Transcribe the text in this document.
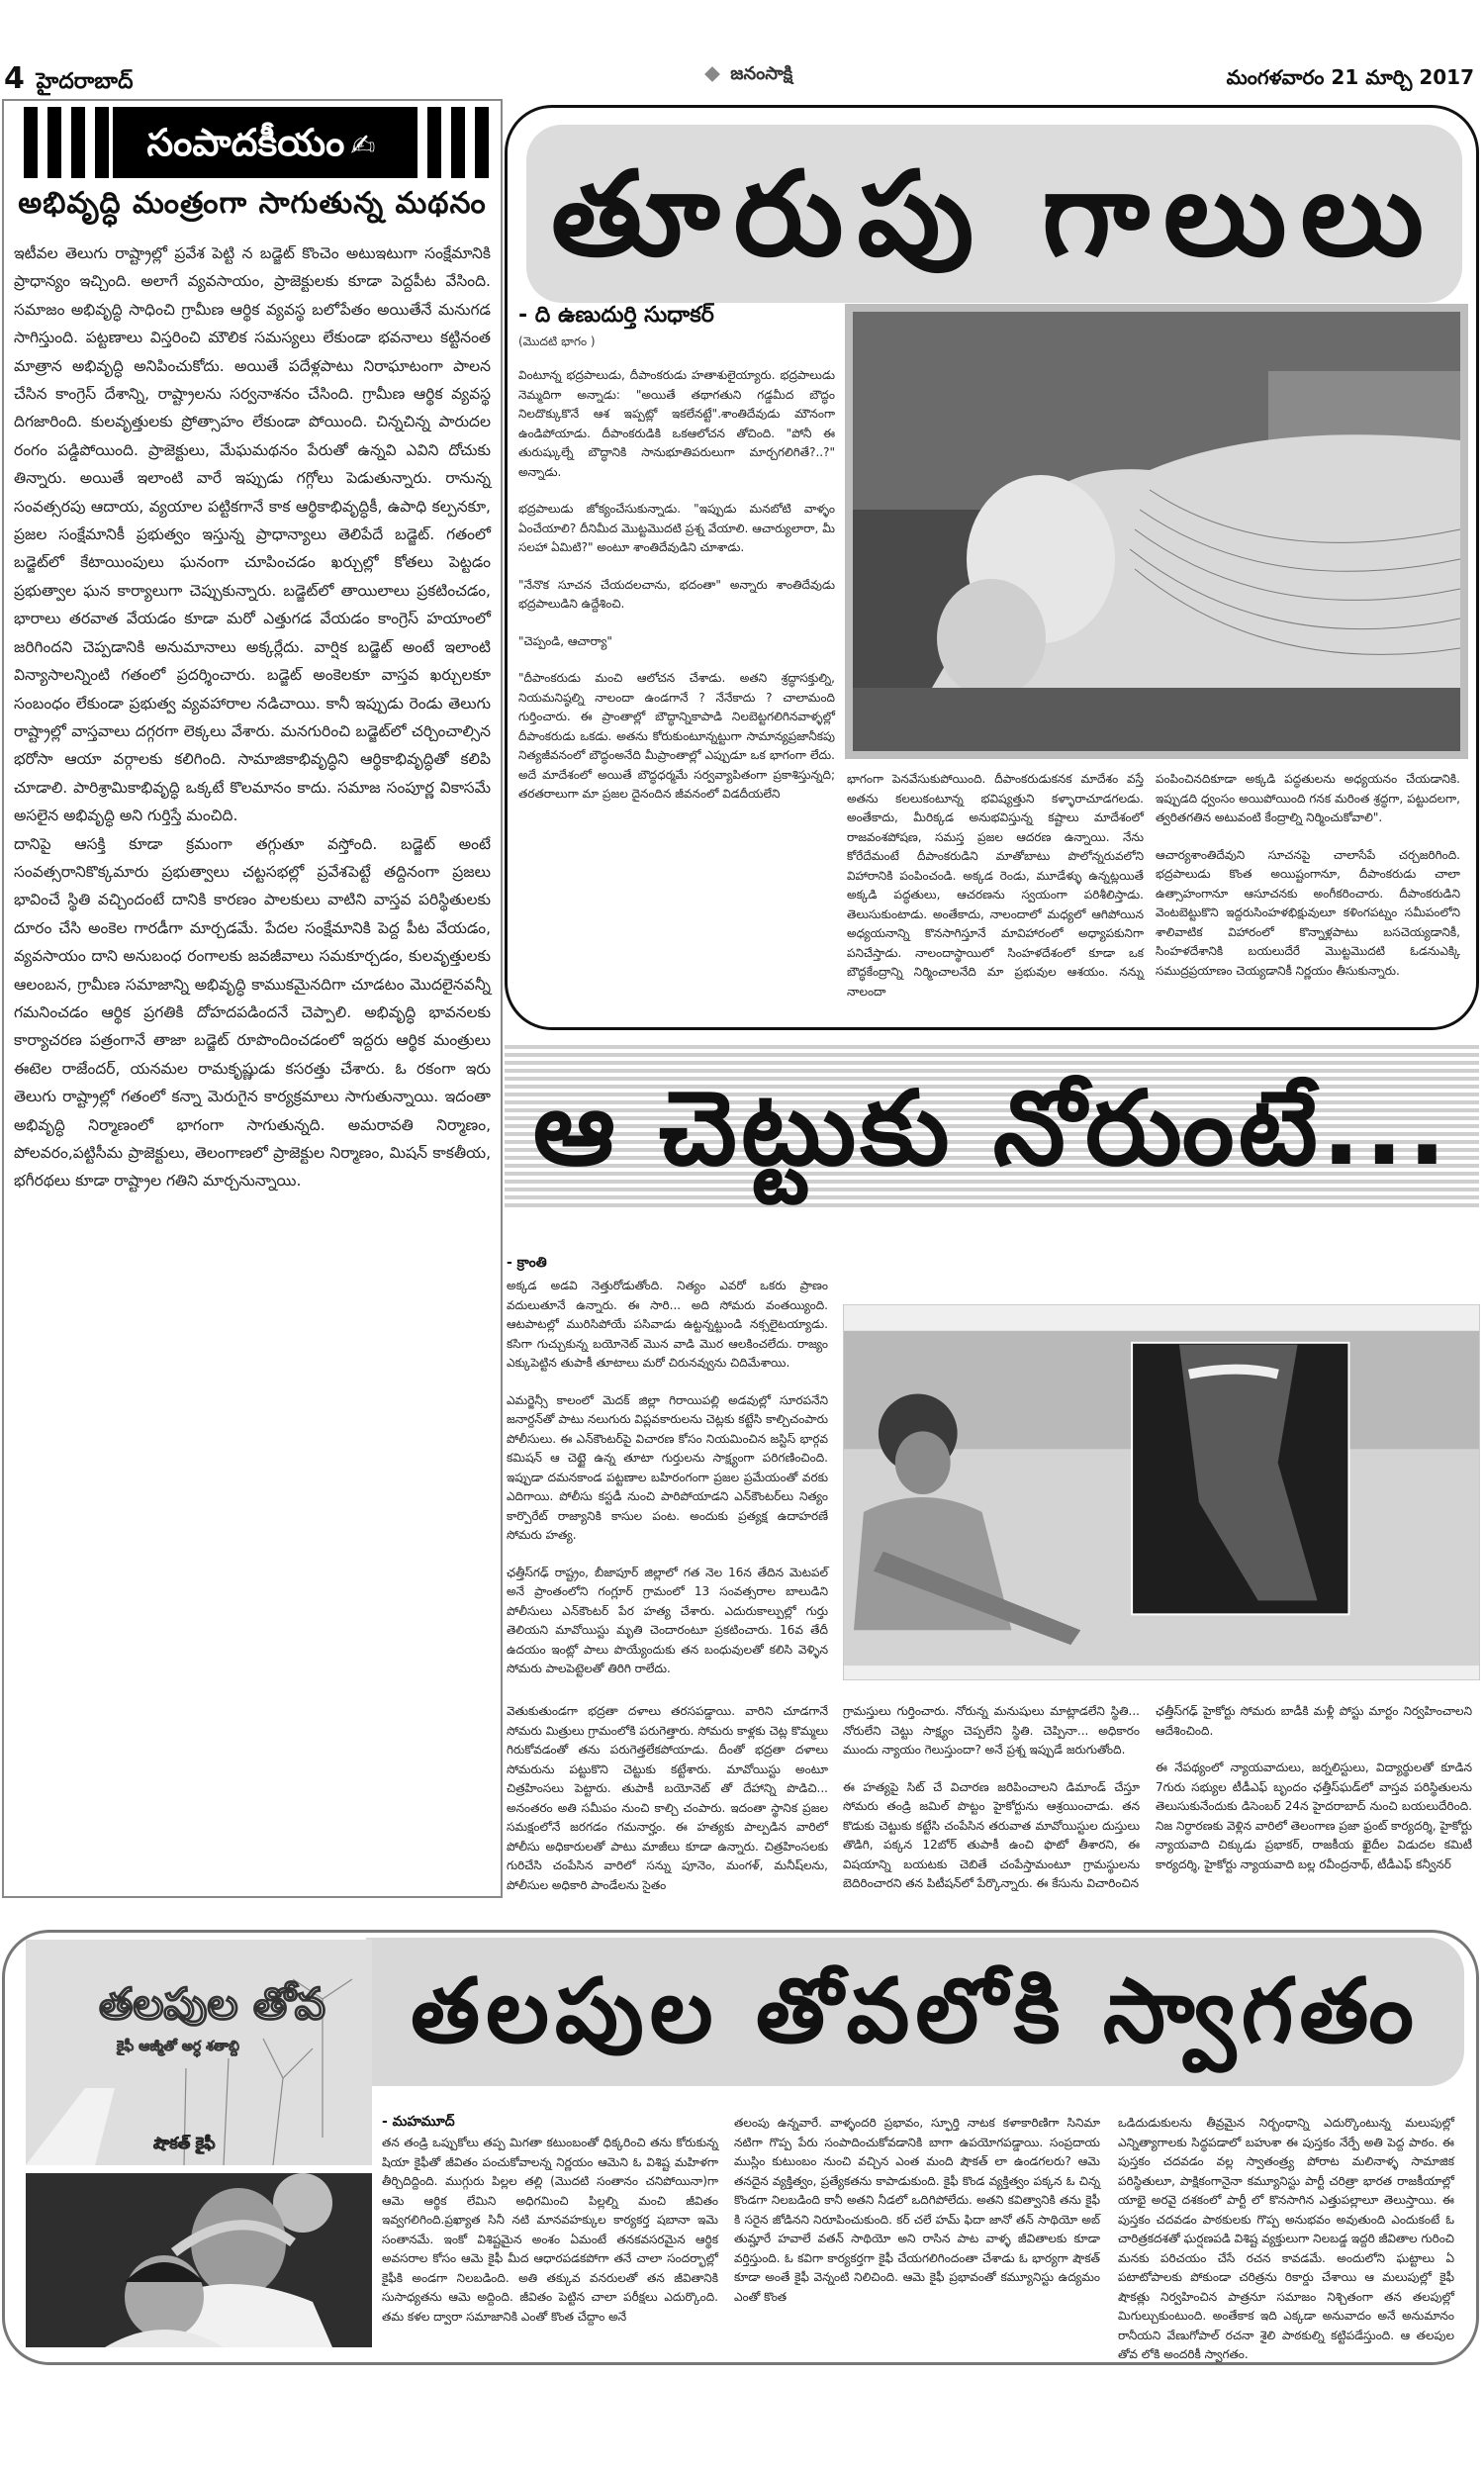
4 హైదరాబాద్	జనంసాక్షి	మంగళవారం 21 మార్చి 2017
సంపాదకీయం ✍
అభివృద్ధి మంత్రంగా సాగుతున్న మథనం

ఇటీవల తెలుగు రాష్ట్రాల్లో ప్రవేశ పెట్టి న బడ్జెట్ కొంచెం అటుఇటుగా సంక్షేమానికి ప్రాధాన్యం ఇచ్చింది. అలాగే వ్యవసాయం, ప్రాజెక్టులకు కూడా పెద్దపీట వేసింది. సమాజం అభివృద్ధి సాధించి గ్రామీణ ఆర్థిక వ్యవస్థ బలోపేతం అయితేనే మనుగడ సాగిస్తుంది. పట్టణాలు విస్తరించి మౌలిక సమస్యలు లేకుండా భవనాలు కట్టినంత మాత్రాన అభివృద్ధి అనిపించుకోదు. అయితే పదేళ్లపాటు నిరాఘాటంగా పాలన చేసిన కాంగ్రెస్ దేశాన్ని, రాష్ట్రాలను సర్వనాశనం చేసింది. గ్రామీణ ఆర్థిక వ్యవస్థ దిగజారింది. కులవృత్తులకు ప్రోత్సాహం లేకుండా పోయింది. చిన్నచిన్న పారుదల రంగం పడ్డిపోయింది. ప్రాజెక్టులు, మేఘమథనం పేరుతో ఉన్నవి ఎవిని దోచుకు తిన్నారు. అయితే ఇలాంటి వారే ఇప్పుడు గగ్గోలు పెడుతున్నారు. రానున్న సంవత్సరపు ఆదాయ, వ్యయాల పట్టికగానే కాక ఆర్థికాభివృద్ధికీ, ఉపాధి కల్పనకూ, ప్రజల సంక్షేమానికీ ప్రభుత్వం ఇస్తున్న ప్రాధాన్యాలు తెలిపేదే బడ్జెట్. గతంలో బడ్జెట్‌లో కేటాయింపులు ఘనంగా చూపించడం ఖర్చుల్లో కోతలు పెట్టడం ప్రభుత్వాల ఘన కార్యాలుగా చెప్పుకున్నారు. బడ్జెట్‌లో తాయిలాలు ప్రకటించడం, భారాలు తరవాత వేయడం కూడా మరో ఎత్తుగడ వేయడం కాంగ్రెస్ హయాంలో జరిగిందని చెప్పడానికి అనుమానాలు అక్కర్లేదు. వార్షిక బడ్జెట్ అంటే ఇలాంటి విన్యాసాలన్నింటి గతంలో ప్రదర్శించారు. బడ్జెట్ అంకెలకూ వాస్తవ ఖర్చులకూ సంబంధం లేకుండా ప్రభుత్వ వ్యవహారాల నడిచాయి. కానీ ఇప్పుడు రెండు తెలుగు రాష్ట్రాల్లో వాస్తవాలు దగ్గరగా లెక్కలు వేశారు. మనగురించి బడ్జెట్‌లో చర్చించాల్సిన భరోసా ఆయా వర్గాలకు కలిగింది. సామాజికాభివృద్ధిని ఆర్థికాభివృద్ధితో కలిపి చూడాలి. పారిశ్రామికాభివృద్ధి ఒక్కటే కొలమానం కాదు. సమాజ సంపూర్ణ వికాసమే అసలైన అభివృద్ధి అని గుర్తిస్తే మంచిది.

దానిపై ఆసక్తి కూడా క్రమంగా తగ్గుతూ వస్తోంది. బడ్జెట్ అంటే సంవత్సరానికొక్కమారు ప్రభుత్వాలు చట్టసభల్లో ప్రవేశపెట్టే తద్దినంగా ప్రజలు భావించే స్థితి వచ్చిందంటే దానికి కారణం పాలకులు వాటిని వాస్తవ పరిస్థితులకు దూరం చేసి అంకెల గారడీగా మార్చడమే. పేదల సంక్షేమానికి పెద్ద పీట వేయడం, వ్యవసాయం దాని అనుబంధ రంగాలకు జవజీవాలు సమకూర్చడం, కులవృత్తులకు ఆలంబన, గ్రామీణ సమాజాన్ని అభివృద్ధి కాముకమైనదిగా చూడటం మొదలైనవన్నీ గమనించడం ఆర్థిక ప్రగతికి దోహదపడిందనే చెప్పాలి. అభివృద్ధి భావనలకు కార్యాచరణ పత్రంగానే తాజా బడ్జెట్ రూపొందించడంలో ఇద్దరు ఆర్థిక మంత్రులు ఈటెల రాజేందర్, యనమల రామకృష్ణుడు కసరత్తు చేశారు. ఓ రకంగా ఇరు తెలుగు రాష్ట్రాల్లో గతంలో కన్నా మెరుగైన కార్యక్రమాలు సాగుతున్నాయి. ఇదంతా అభివృద్ధి నిర్మాణంలో భాగంగా సాగుతున్నది. అమరావతి నిర్మాణం, పోలవరం,పట్టిసీమ ప్రాజెక్టులు, తెలంగాణలో ప్రాజెక్టుల నిర్మాణం, మిషన్ కాకతీయ, భగీరథలు కూడా రాష్ట్రాల గతిని మార్చనున్నాయి.

తూరుపు గాలులు
- ది ఉణుదుర్తి సుధాకర్
(మొదటి భాగం )

వింటూన్న భద్రపాలుడు, దీపాంకరుడు హతాశులైయ్యారు. భద్రపాలుడు నెమ్మదిగా అన్నాడు: "అయితే తథాగతుని గడ్డమీద బౌద్ధం నిలదొక్కుకొనే ఆశ ఇప్పట్లో ఇకలేనట్టే".శాంతిదేవుడు మౌనంగా ఉండిపోయాడు. దీపాంకరుడికి ఒకఆలోచన తోచింది. "పోనీ ఈ తురుష్కుల్నే బౌద్ధానికి సానుభూతిపరులుగా మార్చగలిగితే?..?" అన్నాడు.

భద్రపాలుడు జోక్యంచేసుకున్నాడు. "ఇప్పుడు మనబోటి వాళ్ళం ఏంచేయాలి? దీనిమీద మొట్టమొదటి ప్రశ్న వేయాలి. ఆచార్యులారా, మీ సలహా ఏమిటి?" అంటూ శాంతిదేవుడిని చూశాడు.

"నేనొక సూచన చేయదలచాను, భదంతా" అన్నారు శాంతిదేవుడు భద్రపాలుడిని ఉద్దేశించి.

"చెప్పండి, ఆచార్యా"

"దీపాంకరుడు మంచి ఆలోచన చేశాడు. అతని శ్రద్ధాసక్తుల్ని, నియమనిష్ఠల్ని నాలందా ఉండగానే ? నేనేకాదు ? చాలామంది గుర్తించారు. ఈ ప్రాంతాల్లో బౌద్ధాన్నికాపాడి నిలబెట్టగలిగినవాళ్ళల్లో దీపాంకరుడు ఒకడు. అతను కోరుకుంటూన్నట్టుగా సామాన్యప్రజానీకపు నిత్యజీవనంలో బౌద్ధంఅనేది మీప్రాంతాల్లో ఎప్పుడూ ఒక భాగంగా లేదు. అదే మాదేశంలో అయితే బౌద్ధధర్మమే సర్వవ్యాపితంగా ప్రకాశిస్తున్నది; తరతరాలుగా మా ప్రజల దైనందిన జీవనంలో విడదీయలేని

భాగంగా పెనవేసుకుపోయింది. దీపాంకరుడుకనక మాదేశం వస్తే అతను కలలుకంటూన్న భవిష్యత్తుని కళ్ళారాచూడగలడు. అంతేకాదు, మీరిక్కడ అనుభవిస్తున్న కష్టాలు మాదేశంలో రాజవంశపోషణ, సమస్త ప్రజల ఆదరణ ఉన్నాయి. నేను కోరేదేమంటే దీపాంకరుడిని మాతోబాటు పొలోన్నరువలోని విహారానికి పంపించండి. అక్కడ రెండు, మూడేళ్ళు ఉన్నట్లయితే అక్కడి పద్ధతులు, ఆచరణను స్వయంగా పరిశీలిస్తాడు. తెలుసుకుంటాడు. అంతేకాదు, నాలందాలో మధ్యలో ఆగిపోయిన అధ్యయనాన్ని కొనసాగిస్తూనే మావిహారంలో అధ్యాపకునిగా పనిచేస్తాడు. నాలందాస్థాయిలో సింహళదేశంలో కూడా ఒక బౌద్ధకేంద్రాన్ని నిర్మించాలనేది మా ప్రభువుల ఆశయం. నన్ను నాలందా

పంపించినదికూడా అక్కడి పద్ధతులను అధ్యయనం చేయడానికి. ఇప్పుడది ధ్వంసం అయిపోయింది గనక మరింత శ్రద్ధగా, పట్టుదలగా, త్వరితగతిన అటువంటి కేంద్రాల్ని నిర్మించుకోవాలి".

ఆచార్యశాంతిదేవుని సూచనపై చాలాసేపే చర్చజరిగింది. భద్రపాలుడు కొంత అయిష్టంగానూ, దీపాంకరుడు చాలా ఉత్సాహంగానూ ఆసూచనకు అంగీకరించారు. దీపాంకరుడిని వెంటబెట్టుకొని ఇద్దరుసింహళభిక్షువులూ కళింగపట్నం సమీపంలోని శాలివాటిక విహారంలో కొన్నాళ్లపాటు బసచెయ్యడానికీ, సింహళదేశానికి బయలుదేరే మొట్టమొదటి ఓడనుఎక్కి సముద్రప్రయాణం చెయ్యడానికీ నిర్ణయం తీసుకున్నారు.

ఆ చెట్టుకు నోరుంటే...
- క్రాంతి

అక్కడ అడవి నెత్తురోడుతోంది. నిత్యం ఎవరో ఒకరు ప్రాణం వదులుతూనే ఉన్నారు. ఈ సారి... అది సోమరు వంతయ్యింది. ఆటపాటల్లో మురిసిపోయే పసివాడు ఉట్టన్నట్టుండి నక్సలైటయ్యాడు. కసిగా గుచ్చుకున్న బయోనెట్ మొన వాడి మొర ఆలకించలేదు. రాజ్యం ఎక్కుపెట్టిన తుపాకీ తూటాలు మరో చిరునవ్వును చిదిమేశాయి.

ఎమర్జెన్సీ కాలంలో మెదక్ జిల్లా గిరాయిపల్లి అడవుల్లో సూరపనేని జనార్దన్‌తో పాటు నలుగురు విప్లవకారులను చెట్లకు కట్టేసి కాల్చిచంపారు పోలీసులు. ఈ ఎన్‌కౌంటర్‌పై విచారణ కోసం నియమించిన జస్టిస్ భార్గవ కమిషన్ ఆ చెట్టెై ఉన్న తూటా గుర్తులను సాక్ష్యంగా పరిగణించింది. ఇప్పుడా దమనకాండ పట్టణాల బహిరంగంగా ప్రజల ప్రమేయంతో వరకు ఎదిగాయి. పోలీసు కస్టడీ నుంచి పారిపోయాడని ఎన్‌కౌంటర్‌లు నిత్యం కార్పొరేట్ రాజ్యానికి కాసుల పంట. అందుకు ప్రత్యక్ష ఉదాహరణే సోమరు హత్య.

ఛత్తీస్‌గఢ్ రాష్ట్రం, బీజాపూర్ జిల్లాలో గత నెల 16న తేదిన మెటపల్ అనే ప్రాంతంలోని గంగ్లూర్ గ్రామంలో 13 సంవత్సరాల బాలుడిని పోలీసులు ఎన్‌కౌంటర్ పేర హత్య చేశారు. ఎదురుకాల్పుల్లో గుర్తు తెలియని మావోయిస్టు మృతి చెందారంటూ ప్రకటించారు. 16వ తేదీ ఉదయం ఇంట్లో పాలు పొయ్యేందుకు తన బంధువులతో కలిసి వెళ్ళిన సోమరు పాలపెట్టెలతో తిరిగి రాలేదు.

వెతుకుతుండగా భద్రతా దళాలు తరసపడ్డాయి. వారిని చూడగానే సోమరు మిత్రులు గ్రామంలోకి పరుగెత్తారు. సోమరు కాళ్లకు చెట్ల కొమ్మలు గిరుకోవడంతో తను పరుగెత్తలేకపోయాడు. దీంతో భద్రతా దళాలు సోమరును పట్టుకొని చెట్టుకు కట్టేశారు. మావోయిస్టు అంటూ చిత్రహింసలు పెట్టారు. తుపాకీ బయోనెట్ తో దేహాన్ని పొడిచి... అనంతరం అతి సమీపం నుంచి కాల్చి చంపారు. ఇదంతా స్థానిక ప్రజల సమక్షంలోనే జరగడం గమనార్హం. ఈ హత్యకు పాల్పడిన వారిలో పోలీసు అధికారులతో పాటు మాజీలు కూడా ఉన్నారు. చిత్రహింసలకు గురిచేసి చంపేసిన వారిలో సన్ను పూనెం, మంగళ్, మనీష్‌లను, పోలీసుల అధికారి పాండేలను సైతం

గ్రామస్తులు గుర్తించారు. నోరున్న మనుషులు మాట్లాడలేని స్థితి... నోరులేని చెట్టు సాక్ష్యం చెప్పలేని స్థితి. చెప్పినా... అధికారం ముందు న్యాయం గెలుస్తుందా? అనే ప్రశ్న ఇప్పుడే జరుగుతోంది.

ఈ హత్యపై సిట్ చే విచారణ జరిపించాలని డిమాండ్ చేస్తూ సోమరు తండ్రి జమిల్ పొట్టం హైకోర్టును ఆశ్రయించాడు. తన కొడుకు చెట్టుకు కట్టేసి చంపేసిన తరువాత మావోయిస్టుల దుస్తులు తొడిగి, పక్కన 12బోర్ తుపాకీ ఉంచి ఫొటో తీశారని, ఈ విషయాన్ని బయటకు చెబితే చంపేస్తామంటూ గ్రామస్థులను బెదిరించారని తన పిటీషన్‌లో పేర్కొన్నారు. ఈ కేసును విచారించిన

ఛత్తీస్‌గఢ్ హైకోర్టు సోమరు బాడీకి మళ్లీ పోస్టు మార్టం నిర్వహించాలని ఆదేశించింది.

ఈ నేపథ్యంలో న్యాయవాదులు, జర్నలిస్టులు, విద్యార్థులతో కూడిన 7గురు సభ్యుల టీడీఎఫ్ బృందం ఛత్తీస్‌ఘడ్‌లో వాస్తవ పరిస్థితులను తెలుసుకునేందుకు డిసెంబర్ 24న హైదరాబాద్ నుంచి బయలుదేరింది. నిజ నిర్ధారణకు వెళ్లిన వారిలో తెలంగాణ ప్రజా ఫ్రంట్ కార్యదర్శి, హైకోర్టు న్యాయవాది చిక్కుడు ప్రభాకర్, రాజకీయ ఖైదీల విడుదల కమిటీ కార్యదర్శి, హైకోర్టు న్యాయవాది బల్ల రవీంద్రనాథ్, టీడీఎఫ్ కన్వీనర్

తలపుల తోవలోకి స్వాగతం
తలపుల తోవ
కైఫీ ఆజ్మీతో అర్ధ శతాబ్ది
షౌకత్ కైఫీ
- మహమూద్

తన తండ్రి ఒప్పుకోలు తప్ప మిగతా కటుంబంతో ధిక్కరించి తను కోరుకున్న షియా కైఫీతో జీవితం పంచుకోవాలన్న నిర్ణయం ఆమెని ఓ విశిష్ట మహిళగా తీర్చిదిద్దింది. ముగ్గురు పిల్లల తల్లి (మొదటి సంతానం చనిపోయినా)గా ఆమె ఆర్థిక లేమిని అధిగమించి పిల్లల్ని మంచి జీవితం ఇవ్వగలిగింది.ప్రఖ్యాత సినీ నటి మానవహక్కుల కార్యకర్త షబానా ఇమె సంతానమే. ఇంకో విశిష్టమైన అంశం ఏమంటే తనకవసరమైన ఆర్థిక అవసరాల కోసం ఆమె కైఫీ మీద ఆధారపడకపోగా తనే చాలా సందర్భాల్లో కైఫీకి అండగా నిలబడింది. అతి తక్కువ వనరులతో తన జీవితానికి సుసాధ్యతను ఆమె అద్దింది. జీవితం పెట్టిన చాలా పరీక్షలు ఎదుర్కొంది. తమ కళల ద్వారా సమాజానికి ఎంతో కొంత చేద్దాం అనే

తలంపు ఉన్నవారే. వాళ్ళందరి ప్రభావం, స్ఫూర్తి నాటక కళాకారిణిగా సినిమా నటిగా గొప్ప పేరు సంపాదించుకోవడానికి బాగా ఉపయోగపడ్డాయి. సంప్రదాయ ముస్లిం కుటుంబం నుంచి వచ్చిన ఎంత మంది షౌకత్ లా ఉండగలరు? ఆమె తనదైన వ్యక్తిత్వం, ప్రత్యేకతను కాపాడుకుంది. కైఫీ కొండ వ్యక్తిత్వం పక్కన ఓ చిన్న కొండగా నిలబడింది కానీ అతని నీడలో ఒదిగిపోలేదు. అతని కవిత్వానికి తను కైఫీ కి సరైన జోడినని నిరూపించుకుంది. కర్ చలే హమ్ ఫిదా జానో తన్ సాథియో అబ్ తుమ్హారే హవాలే వతన్ సాథియో అని రాసిన పాట వాళ్ళ జీవితాలకు కూడా వర్తిస్తుంది. ఓ కవిగా కార్యకర్తగా కైఫీ చేయగలిగిందంతా చేశాడు ఓ భార్యగా షౌకత్ కూడా అంతే కైఫీ వెన్నంటి నిలిచింది. ఆమె కైఫీ ప్రభావంతో కమ్యూనిస్టు ఉద్యమం ఎంతో కొంత

ఒడిదుడుకులను తీవ్రమైన నిర్బంధాన్ని ఎదుర్కొంటున్న మలుపుల్లో ఎన్నిత్యాగాలకు సిద్ధపడాలో బహుశా ఈ పుస్తకం నేర్పే అతి పెద్ద పాఠం. ఈ పుస్తకం చదవడం వల్ల స్వాతంత్ర్య పోరాట మలినాళ్ళ సామాజిక పరిస్థితులూ, పాక్షికంగానైనా కమ్యూనిస్టు పార్టీ చరిత్రా భారత రాజకీయాల్లో యాభై అరవై దశకంలో పార్టీ లో కొనసాగిన ఎత్తుపల్లాలూ తెలుస్తాయి. ఈ పుస్తకం చదవడం పాఠకులకు గొప్ప అనుభవం అవుతుంది ఎందుకంటే ఓ చారిత్రకదశతో ఘర్షణపడి విశిష్ట వ్యక్తులుగా నిలబడ్డ ఇద్దరి జీవితాల గురించి మనకు పరిచయం చేసే రచన కావడమే. అందులోని ఘట్టాలు ఏ పటాటోపాలకు పోకుండా చరిత్రను రికార్డు చేశాయి ఆ మలుపుల్లో కైఫీ షౌకత్లు నిర్వహించిన పాత్రనూ సమాజం నిశ్చితంగా తన తలపుల్లో మిగుల్చుకుంటుంది. అంతేకాక ఇది ఎక్కడా అనువాదం అనే అనుమానం రానీయని వేణుగోపాల్ రచనా శైలి పాఠకుల్ని కట్టిపడేస్తుంది. ఆ తలపుల తోవ లోకి అందరికీ స్వాగతం.
